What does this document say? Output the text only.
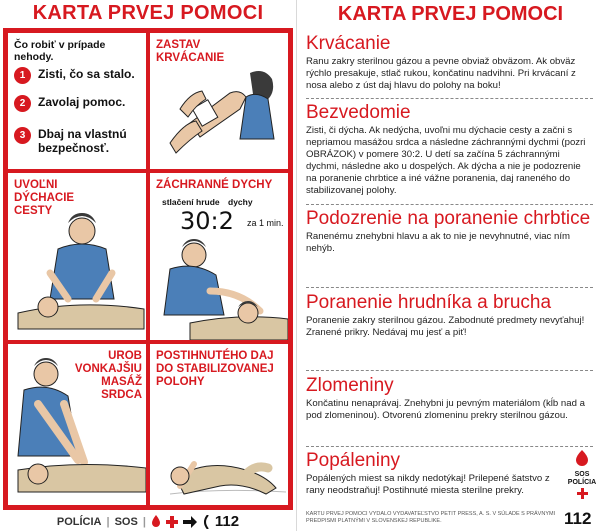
KARTA PRVEJ POMOCI
Čo robiť v prípade nehody.
1	Zisti, čo sa stalo.
2	Zavolaj pomoc.
3	Dbaj na vlastnú bezpečnosť.
ZASTAV KRVÁCANIE
UVOĽNI DÝCHACIE CESTY
ZÁCHRANNÉ DYCHY
stlačení hrude dychy
30:2 za 1 min.
UROB VONKAJŠIU MASÁŽ SRDCA
POSTIHNUTÉHO DAJ DO STABILIZOVANEJ POLOHY
POLÍCIA | SOS |	112
KARTA PRVEJ POMOCI
Krvácanie

Ranu zakry sterilnou gázou a pevne obviaž obväzom. Ak obväz rýchlo presakuje, stlač rukou, končatinu nadvihni. Pri krvácaní z nosa alebo z úst daj hlavu do polohy na boku!

Bezvedomie

Zisti, či dýcha. Ak nedýcha, uvoľni mu dýchacie cesty a začni s nepriamou masážou srdca a následne záchrannými dychmi (pozri OBRÁZOK) v pomere 30:2. U detí sa začína 5 záchrannými dychmi, následne ako u dospelých. Ak dýcha a nie je podozrenie na poranenie chrbtice a iné vážne poranenia, daj raneného do stabilizovanej polohy.

Podozrenie na poranenie chrbtice

Ranenému znehybni hlavu a ak to nie je nevyhnutné, viac ním nehýb.

Poranenie hrudníka a brucha

Poranenie zakry sterilnou gázou. Zabodnuté predmety nevyťahuj! Zranené prikry. Nedávaj mu jesť a piť!

Zlomeniny

Končatinu nenaprávaj. Znehybni ju pevným materiálom (kĺb nad a pod zlomeninou). Otvorenú zlomeninu prekry sterilnou gázou.

Popáleniny

Popálených miest sa nikdy nedotýkaj! Prilepené šatstvo z rany neodstraňuj! Postihnuté miesta sterilne prekry.

SOS
POLÍCIA
112
KARTU PRVEJ POMOCI VYDALO VYDAVATEĽSTVO PETIT PRESS, A. S. V SÚLADE S PRÁVNYMI PREDPISMI PLATNÝMI V SLOVENSKEJ REPUBLIKE.
